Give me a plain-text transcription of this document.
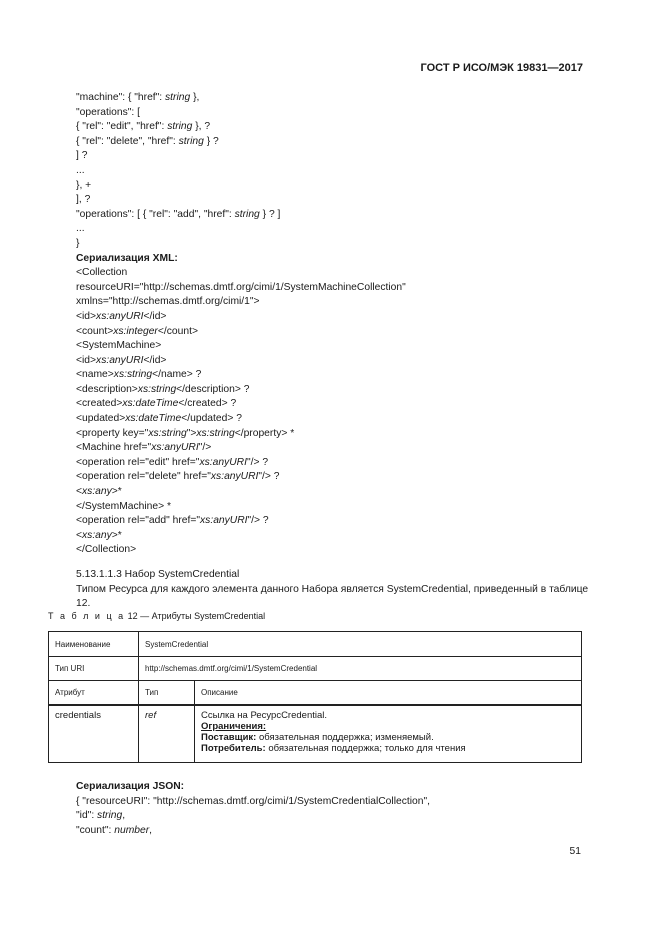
ГОСТ Р ИСО/МЭК 19831—2017
"machine": { "href": string },
"operations": [
{ "rel": "edit", "href": string }, ?
{ "rel": "delete", "href": string } ?
] ?
...
}, +
], ?
"operations": [ { "rel": "add", "href": string } ? ]
...
}
Сериализация XML:
<Collection
resourceURI="http://schemas.dmtf.org/cimi/1/SystemMachineCollection"
xmlns="http://schemas.dmtf.org/cimi/1">
<id>xs:anyURI</id>
<count>xs:integer</count>
<SystemMachine>
<id>xs:anyURI</id>
<name>xs:string</name> ?
<description>xs:string</description> ?
<created>xs:dateTime</created> ?
<updated>xs:dateTime</updated> ?
<property key="xs:string">xs:string</property> *
<Machine href="xs:anyURI"/>
<operation rel="edit" href="xs:anyURI"/> ?
<operation rel="delete" href="xs:anyURI"/> ?
<xs:any>*
</SystemMachine> *
<operation rel="add" href="xs:anyURI"/> ?
<xs:any>*
</Collection>
5.13.1.1.3 Набор SystemCredential
Типом Ресурса для каждого элемента данного Набора является SystemCredential, приведенный в таблице 12.
Т а б л и ц а 12 — Атрибуты SystemCredential
Наименование	SystemCredential	
Тип URI	http://schemas.dmtf.org/cimi/1/SystemCredential	
Атрибут	Тип	Описание
credentials	ref	Ссылка на РесурсCredential.
Ограничения:
Поставщик: обязательная поддержка; изменяемый.
Потребитель: обязательная поддержка; только для чтения
Сериализация JSON:
{ "resourceURI": "http://schemas.dmtf.org/cimi/1/SystemCredentialCollection",
"id": string,
"count": number,
51
